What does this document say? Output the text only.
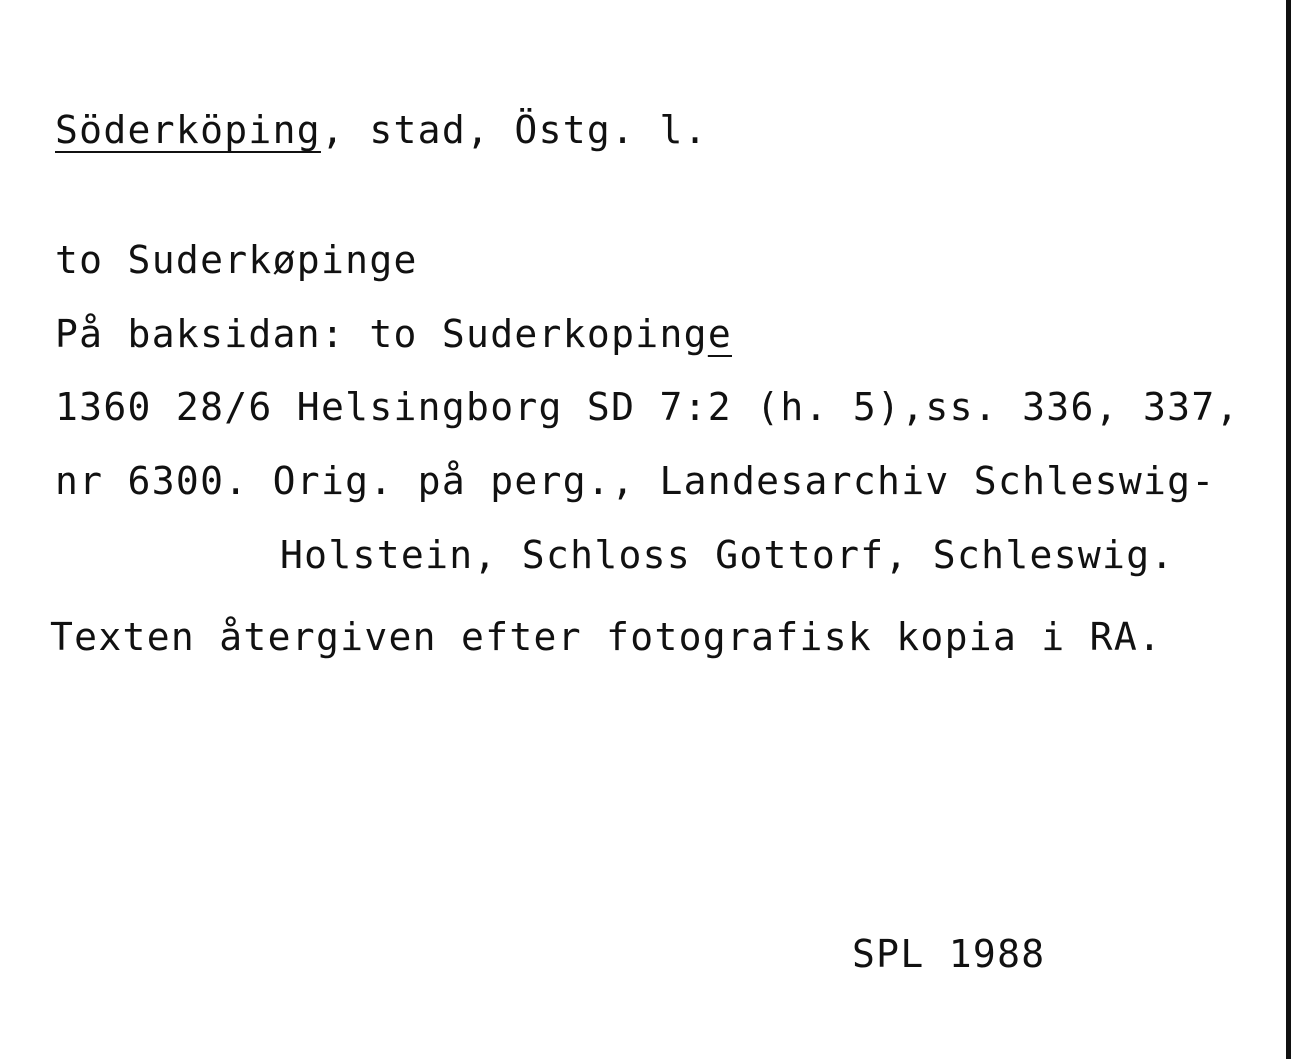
Söderköping, stad, Östg. l.
to Suderkøpinge
På baksidan: to Suderkopinge
1360 28/6 Helsingborg SD 7:2 (h. 5),ss. 336, 337,
nr 6300. Orig. på perg., Landesarchiv Schleswig-
Holstein, Schloss Gottorf, Schleswig.
Texten återgiven efter fotografisk kopia i RA.
SPL 1988
